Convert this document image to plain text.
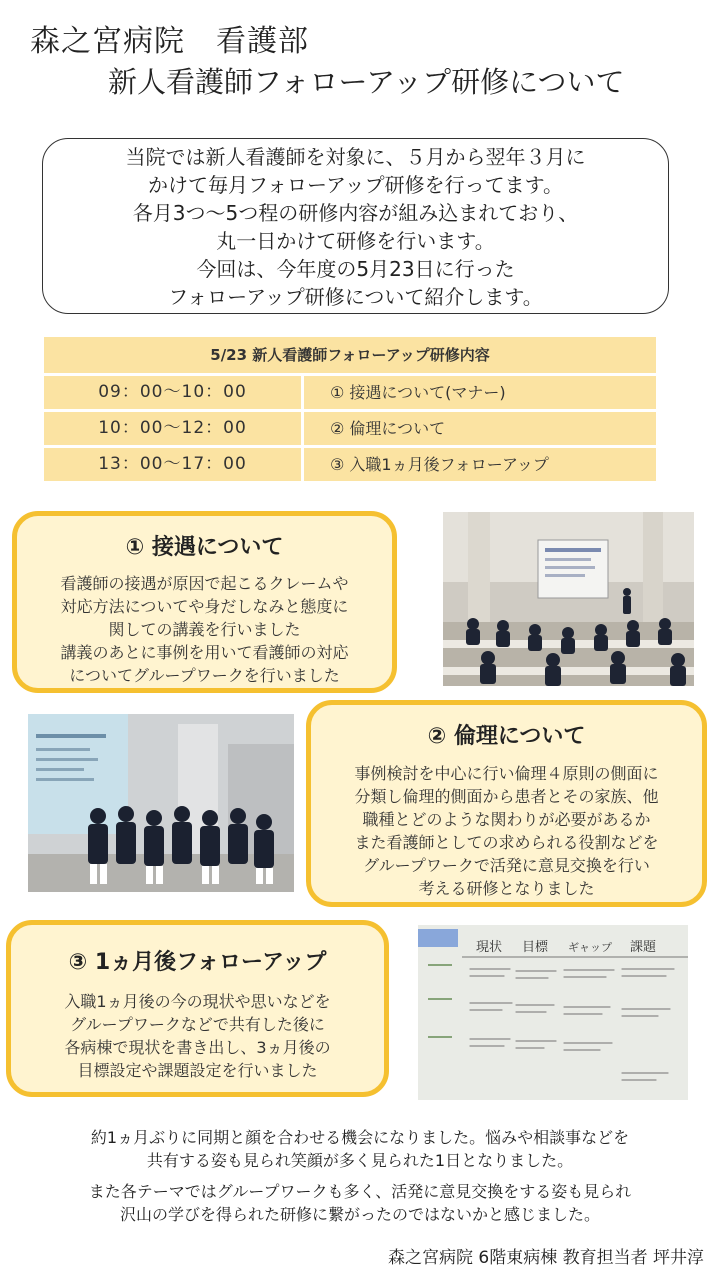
森之宮病院　看護部
新人看護師フォローアップ研修について
当院では新人看護師を対象に、５月から翌年３月に
かけて毎月フォローアップ研修を行ってます。
各月3つ〜5つ程の研修内容が組み込まれており、
丸一日かけて研修を行います。
今回は、今年度の5月23日に行った
フォローアップ研修について紹介します。
5/23 新人看護師フォローアップ研修内容
09：00〜10：00	① 接遇について(マナー)
10：00〜12：00	② 倫理について
13：00〜17：00	③ 入職1ヵ月後フォローアップ
① 接遇について
看護師の接遇が原因で起こるクレームや
対応方法についてや身だしなみと態度に
関しての講義を行いました
講義のあとに事例を用いて看護師の対応
についてグループワークを行いました
② 倫理について
事例検討を中心に行い倫理４原則の側面に
分類し倫理的側面から患者とその家族、他
職種とどのような関わりが必要があるか
また看護師としての求められる役割などを
グループワークで活発に意見交換を行い
考える研修となりました
③ 1ヵ月後フォローアップ
入職1ヵ月後の今の現状や思いなどを
グループワークなどで共有した後に
各病棟で現状を書き出し、3ヵ月後の
目標設定や課題設定を行いました
現状 目標 ギャップ 課題
約1ヵ月ぶりに同期と顔を合わせる機会になりました。悩みや相談事などを
共有する姿も見られ笑顔が多く見られた1日となりました。
また各テーマではグループワークも多く、活発に意見交換をする姿も見られ
沢山の学びを得られた研修に繋がったのではないかと感じました。
森之宮病院 6階東病棟 教育担当者 坪井淳
